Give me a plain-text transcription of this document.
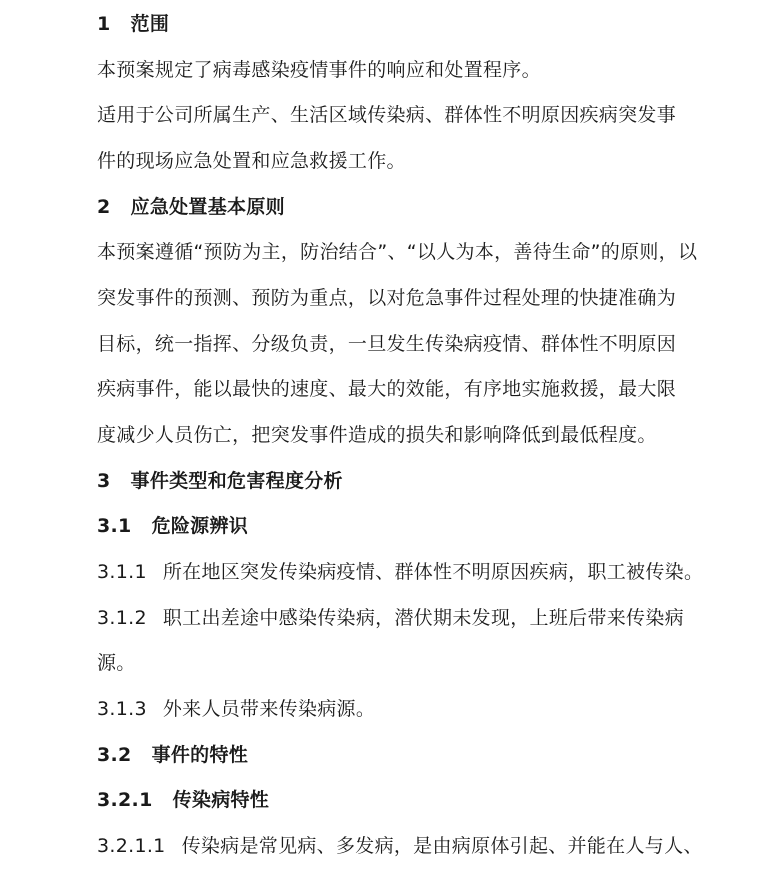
1 范围
本预案规定了病毒感染疫情事件的响应和处置程序。
适用于公司所属生产、生活区域传染病、群体性不明原因疾病突发事
件的现场应急处置和应急救援工作。
2 应急处置基本原则
本预案遵循“预防为主，防治结合”、“以人为本，善待生命”的原则，以
突发事件的预测、预防为重点，以对危急事件过程处理的快捷准确为
目标，统一指挥、分级负责，一旦发生传染病疫情、群体性不明原因
疾病事件，能以最快的速度、最大的效能，有序地实施救援，最大限
度减少人员伤亡，把突发事件造成的损失和影响降低到最低程度。
3 事件类型和危害程度分析
3.1 危险源辨识
3.1.1 所在地区突发传染病疫情、群体性不明原因疾病，职工被传染。
3.1.2 职工出差途中感染传染病，潜伏期未发现，上班后带来传染病
源。
3.1.3 外来人员带来传染病源。
3.2 事件的特性
3.2.1 传染病特性
3.2.1.1 传染病是常见病、多发病，是由病原体引起、并能在人与人、
